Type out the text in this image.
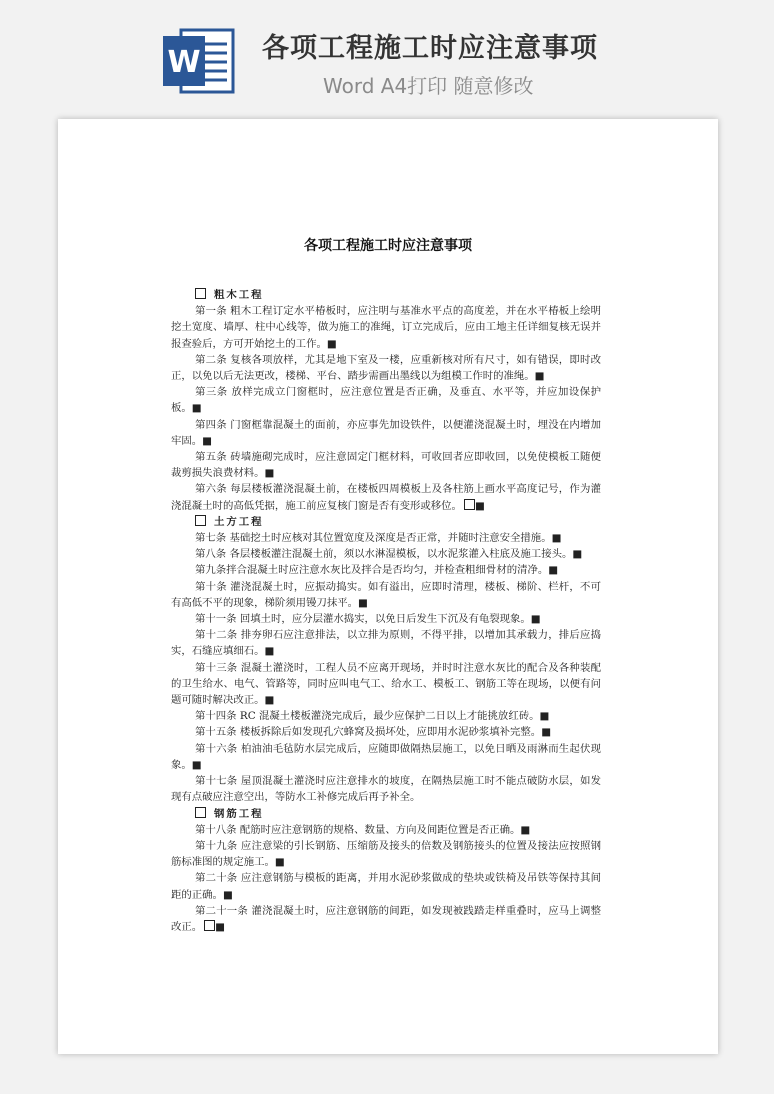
W 各项工程施工时应注意事项
Word A4打印 随意修改
各项工程施工时应注意事项
粗木工程

第一条 粗木工程订定水平椿板时，应注明与基准水平点的高度差，并在水平椿板上绘明挖土宽度、墙厚、柱中心线等，做为施工的准绳，订立完成后，应由工地主任详细复核无误并报查验后，方可开始挖土的工作。■

第二条 复核各项放样，尤其是地下室及一楼，应重新核对所有尺寸，如有错误，即时改正，以免以后无法更改，楼梯、平台、踏步需画出墨线以为组模工作时的准绳。■

第三条 放样完成立门窗框时，应注意位置是否正确，及垂直、水平等，并应加设保护板。■

第四条 门窗框靠混凝土的面前，亦应事先加设铁件，以便灌浇混凝土时，埋没在内增加牢固。■

第五条 砖墙施砌完成时，应注意固定门框材料，可收回者应即收回，以免使模板工随便裁剪损失浪费材料。■

第六条 每层楼板灌浇混凝土前，在楼板四周模板上及各柱筋上画水平高度记号，作为灌浇混凝土时的高低凭据，施工前应复核门窗是否有变形或移位。 ■

土方工程

第七条 基础挖土时应核对其位置宽度及深度是否正常，并随时注意安全措施。■

第八条 各层楼板灌注混凝土前，须以水淋湿模板，以水泥浆灌入柱底及施工接头。■

第九条拌合混凝土时应注意水灰比及拌合是否均匀，并检查粗细骨材的清净。■

第十条 灌浇混凝土时，应振动捣实。如有溢出，应即时清理，楼板、梯阶、栏杆，不可有高低不平的现象，梯阶须用镘刀抹平。■

第十一条 回填土时，应分层灌水捣实，以免日后发生下沉及有龟裂现象。■

第十二条 排夯卵石应注意排法，以立排为原则，不得平排，以增加其承载力，排后应捣实，石缝应填细石。■

第十三条 混凝土灌浇时，工程人员不应离开现场，并时时注意水灰比的配合及各种装配的卫生给水、电气、管路等，同时应叫电气工、给水工、模板工、钢筋工等在现场，以便有问题可随时解决改正。■

第十四条 RC 混凝土楼板灌浇完成后，最少应保护二日以上才能挑放红砖。■

第十五条 楼板拆除后如发现孔穴蜂窝及损坏处，应即用水泥砂浆填补完整。■

第十六条 柏油油毛毡防水层完成后，应随即做隔热层施工，以免日晒及雨淋而生起伏现象。■

第十七条 屋顶混凝土灌浇时应注意排水的坡度，在隔热层施工时不能点破防水层，如发现有点破应注意空出，等防水工补修完成后再予补全。

钢筋工程

第十八条 配筋时应注意钢筋的规格、数量、方向及间距位置是否正确。■

第十九条 应注意梁的引长钢筋、压缩筋及接头的倍数及钢筋接头的位置及接法应按照钢筋标准图的规定施工。■

第二十条 应注意钢筋与模板的距离，并用水泥砂浆做成的垫块或铁椅及吊铁等保持其间距的正确。■

第二十一条 灌浇混凝土时，应注意钢筋的间距，如发现被践踏走样重叠时，应马上调整改正。 ■
